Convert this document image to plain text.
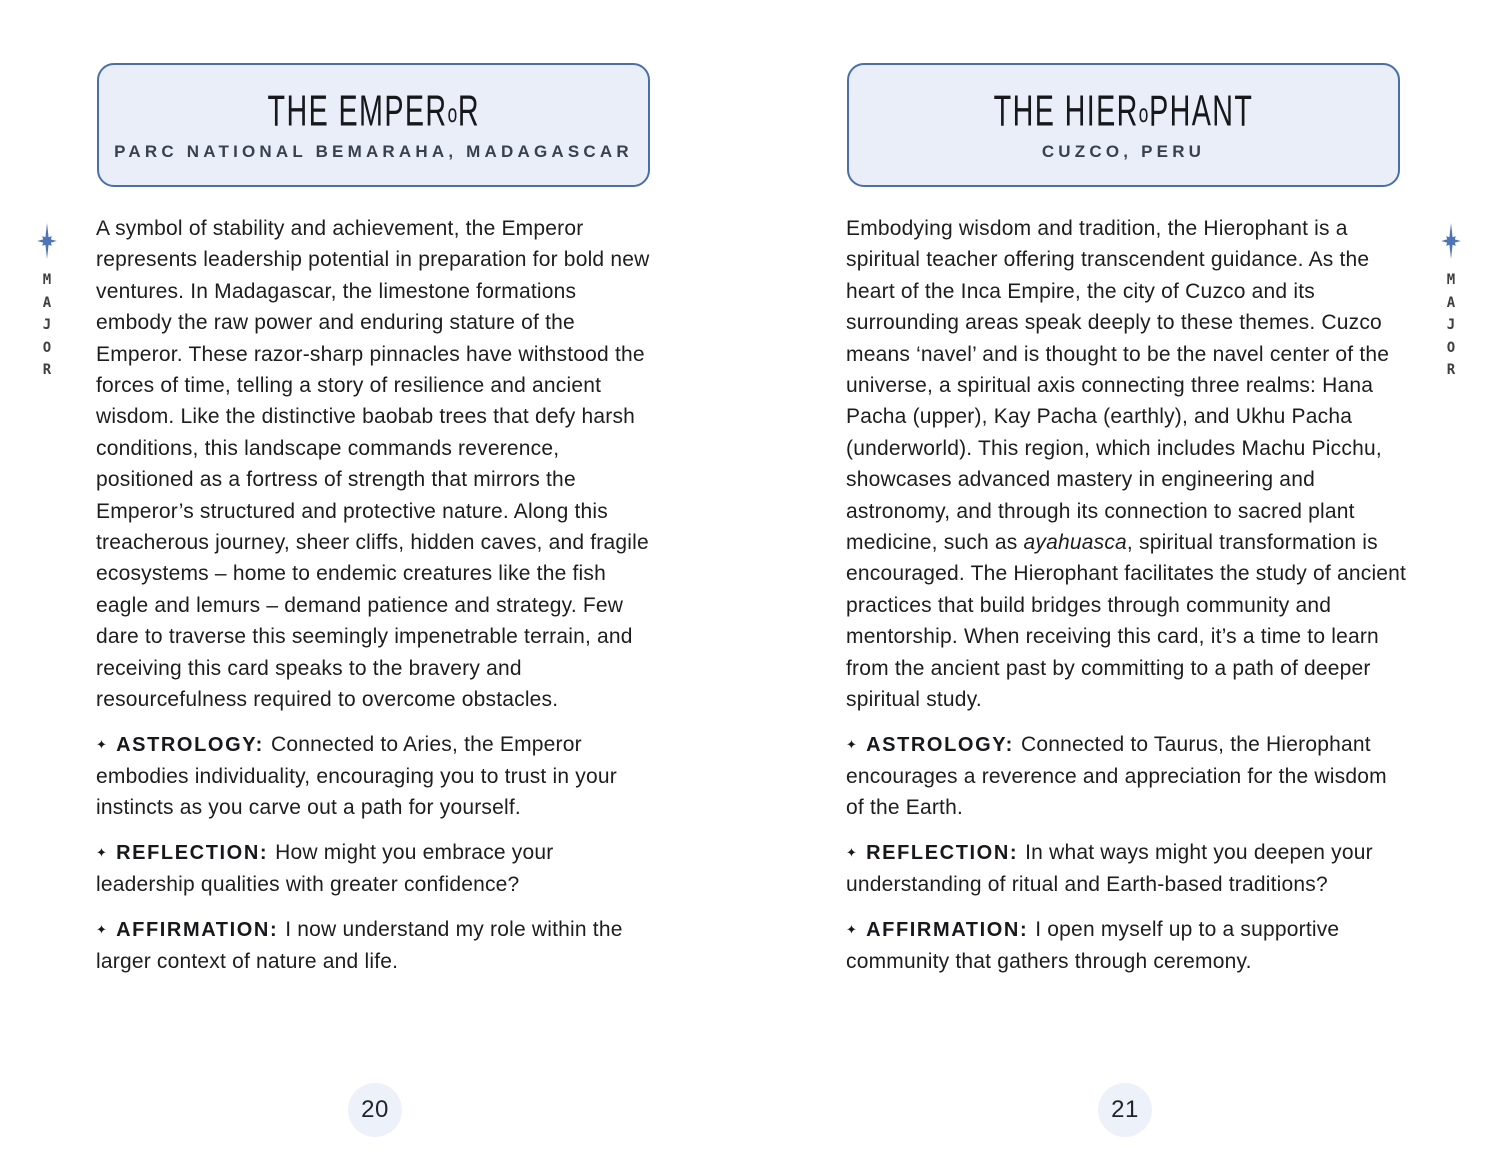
M
A
J
O
R
M
A
J
O
R
THE EMPERoR
PARC NATIONAL BEMARAHA, MADAGASCAR

A symbol of stability and achievement, the Emperor represents leadership potential in preparation for bold new ventures. In Madagascar, the limestone formations embody the raw power and enduring stature of the Emperor. These razor-sharp pinnacles have withstood the forces of time, telling a story of resilience and ancient wisdom. Like the distinctive baobab trees that defy harsh conditions, this landscape commands reverence, positioned as a fortress of strength that mirrors the Emperor’s structured and protective nature. Along this treacherous journey, sheer cliffs, hidden caves, and fragile ecosystems – home to endemic creatures like the fish eagle and lemurs – demand patience and strategy. Few dare to traverse this seemingly impenetrable terrain, and receiving this card speaks to the bravery and resourcefulness required to overcome obstacles.

✦ ASTROLOGY: Connected to Aries, the Emperor embodies individuality, encouraging you to trust in your instincts as you carve out a path for yourself.

✦ REFLECTION: How might you embrace your leadership qualities with greater confidence?

✦ AFFIRMATION: I now understand my role within the larger context of nature and life.

THE HIERoPHANT
CUZCO, PERU

Embodying wisdom and tradition, the Hierophant is a spiritual teacher offering transcendent guidance. As the heart of the Inca Empire, the city of Cuzco and its surrounding areas speak deeply to these themes. Cuzco means ‘navel’ and is thought to be the navel center of the universe, a spiritual axis connecting three realms: Hana Pacha (upper), Kay Pacha (earthly), and Ukhu Pacha (underworld). This region, which includes Machu Picchu, showcases advanced mastery in engineering and astronomy, and through its connection to sacred plant medicine, such as ayahuasca, spiritual transformation is encouraged. The Hierophant facilitates the study of ancient practices that build bridges through community and mentorship. When receiving this card, it’s a time to learn from the ancient past by committing to a path of deeper spiritual study.

✦ ASTROLOGY: Connected to Taurus, the Hierophant encourages a reverence and appreciation for the wisdom of the Earth.

✦ REFLECTION: In what ways might you deepen your understanding of ritual and Earth-based traditions?

✦ AFFIRMATION: I open myself up to a supportive community that gathers through ceremony.

20	21
